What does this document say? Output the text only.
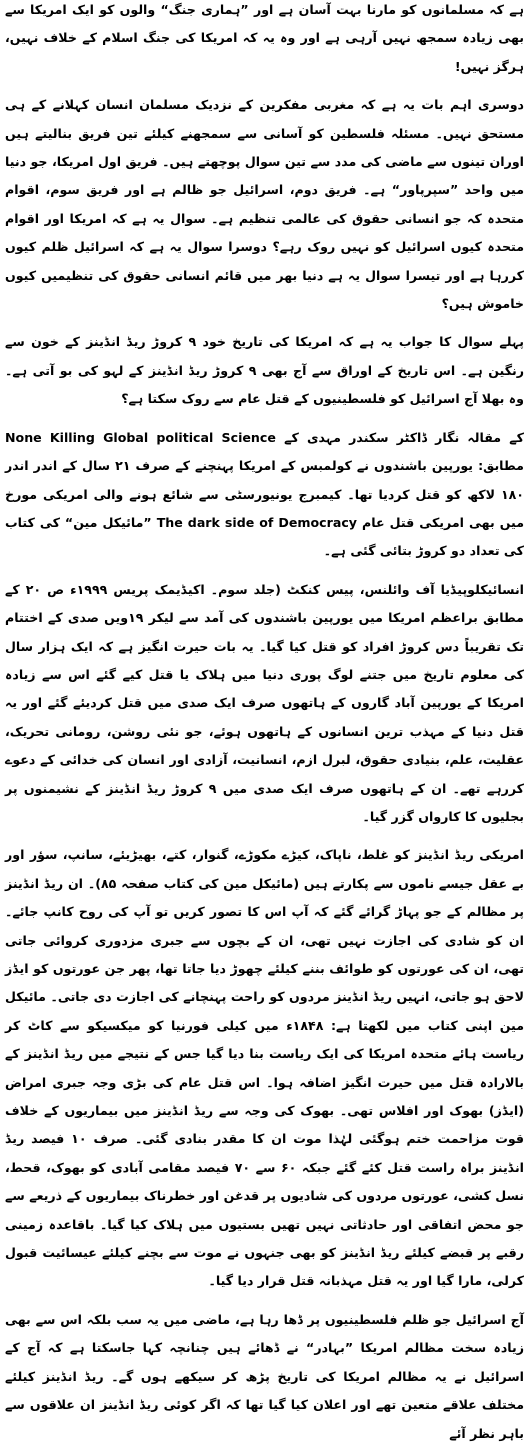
ہے کہ مسلمانوں کو مارنا بہت آسان ہے اور ”ہماری جنگ“ والوں کو ایک امریکا سے بھی زیادہ سمجھ نہیں آرہی ہے اور وہ یہ کہ امریکا کی جنگ اسلام کے خلاف نہیں، ہرگز نہیں!

دوسری اہم بات یہ ہے کہ مغربی مفکرین کے نزدیک مسلمان انسان کہلانے کے ہی مستحق نہیں۔ مسئلہ فلسطین کو آسانی سے سمجھنے کیلئے تین فریق بنالیتے ہیں اوران تینوں سے ماضی کی مدد سے تین سوال پوچھتے ہیں۔ فریق اول امریکا، جو دنیا میں واحد ”سپرپاور“ ہے۔ فریق دوم، اسرائیل جو ظالم ہے اور فریق سوم، اقوام متحدہ کہ جو انسانی حقوق کی عالمی تنظیم ہے۔ سوال یہ ہے کہ امریکا اور اقوام متحدہ کیوں اسرائیل کو نہیں روک رہے؟ دوسرا سوال یہ ہے کہ اسرائیل ظلم کیوں کررہا ہے اور تیسرا سوال یہ ہے دنیا بھر میں قائم انسانی حقوق کی تنظیمیں کیوں خاموش ہیں؟

پہلے سوال کا جواب یہ ہے کہ امریکا کی تاریخ خود ۹ کروڑ ریڈ انڈینز کے خون سے رنگین ہے۔ اس تاریخ کے اوراق سے آج بھی ۹ کروڑ ریڈ انڈینز کے لہو کی بو آتی ہے۔ وہ بھلا آج اسرائیل کو فلسطینیوں کے قتل عام سے روک سکتا ہے؟

None Killing Global political Science کے مقالہ نگار ڈاکٹر سکندر مہدی کے مطابق: یورپین باشندوں نے کولمبس کے امریکا پہنچنے کے صرف ۲۱ سال کے اندر اندر ۱۸۰ لاکھ کو قتل کردیا تھا۔ کیمبرج یونیورسٹی سے شائع ہونے والی امریکی مورخ ”مائیکل مین“ کی کتاب The dark side of Democracy میں بھی امریکی قتل عام کی تعداد دو کروڑ بتائی گئی ہے۔

انسائیکلوپیڈیا آف وائلنس، پیس کنکٹ (جلد سوم۔ اکیڈیمک پریس ۱۹۹۹ء ص ۲۰ کے مطابق براعظم امریکا میں یورپین باشندوں کی آمد سے لیکر ۱۹ویں صدی کے اختتام تک تقریباً دس کروڑ افراد کو قتل کیا گیا۔ یہ بات حیرت انگیز ہے کہ ایک ہزار سال کی معلوم تاریخ میں جتنے لوگ پوری دنیا میں ہلاک یا قتل کیے گئے اس سے زیادہ امریکا کے یورپین آباد گاروں کے ہاتھوں صرف ایک صدی میں قتل کردیئے گئے اور یہ قتل دنیا کے مہذب ترین انسانوں کے ہاتھوں ہوئے، جو نئی روشن، رومانی تحریک، عقلیت، علم، بنیادی حقوق، لبرل ازم، انسانیت، آزادی اور انسان کی خدائی کے دعوے کررہے تھے۔ ان کے ہاتھوں صرف ایک صدی میں ۹ کروڑ ریڈ انڈینز کے نشیمنوں پر بجلیوں کا کارواں گزر گیا۔

امریکی ریڈ انڈینز کو غلط، ناپاک، کیڑے مکوڑے، گنوار، کتے، بھیڑیئے، سانپ، سؤر اور بے عقل جیسے ناموں سے پکارتے ہیں (مائیکل مین کی کتاب صفحہ ۸۵)۔ ان ریڈ انڈینز پر مظالم کے جو پہاڑ گرائے گئے کہ آپ اس کا تصور کریں تو آپ کی روح کانپ جائے۔ ان کو شادی کی اجازت نہیں تھی، ان کے بچوں سے جبری مزدوری کروائی جاتی تھی، ان کی عورتوں کو طوائف بننے کیلئے چھوڑ دیا جاتا تھا، پھر جن عورتوں کو ایڈز لاحق ہو جاتی، انہیں ریڈ انڈینز مردوں کو راحت پہنچانے کی اجازت دی جاتی۔ مائیکل مین اپنی کتاب میں لکھتا ہے: ۱۸۴۸ء میں کیلی فورنیا کو میکسیکو سے کاٹ کر ریاست ہائے متحدہ امریکا کی ایک ریاست بنا دیا گیا جس کے نتیجے میں ریڈ انڈینز کے بالارادہ قتل میں حیرت انگیز اضافہ ہوا۔ اس قتل عام کی بڑی وجہ جبری امراض (ایڈز) بھوک اور افلاس تھی۔ بھوک کی وجہ سے ریڈ انڈینز میں بیماریوں کے خلاف قوت مزاحمت ختم ہوگئی لہٰذا موت ان کا مقدر بنادی گئی۔ صرف ۱۰ فیصد ریڈ انڈینز براہ راست قتل کئے گئے جبکہ ۶۰ سے ۷۰ فیصد مقامی آبادی کو بھوک، قحط، نسل کشی، عورتوں مردوں کی شادیوں پر قدغن اور خطرناک بیماریوں کے ذریعے سے جو محض اتفاقی اور حادثاتی نہیں تھیں بستیوں میں ہلاک کیا گیا۔ باقاعدہ زمینی رقبے پر قبضے کیلئے ریڈ انڈینز کو بھی جنہوں نے موت سے بچنے کیلئے عیسائیت قبول کرلی، مارا گیا اور یہ قتل مہذبانہ قتل قرار دیا گیا۔

آج اسرائیل جو ظلم فلسطینیوں پر ڈھا رہا ہے، ماضی میں یہ سب بلکہ اس سے بھی زیادہ سخت مظالم امریکا ”بہادر“ نے ڈھائے ہیں چنانچہ کہا جاسکتا ہے کہ آج کے اسرائیل نے یہ مظالم امریکا کی تاریخ پڑھ کر سیکھے ہوں گے۔ ریڈ انڈینز کیلئے مختلف علاقے متعین تھے اور اعلان کیا گیا تھا کہ اگر کوئی ریڈ انڈینز ان علاقوں سے باہر نظر آئے
